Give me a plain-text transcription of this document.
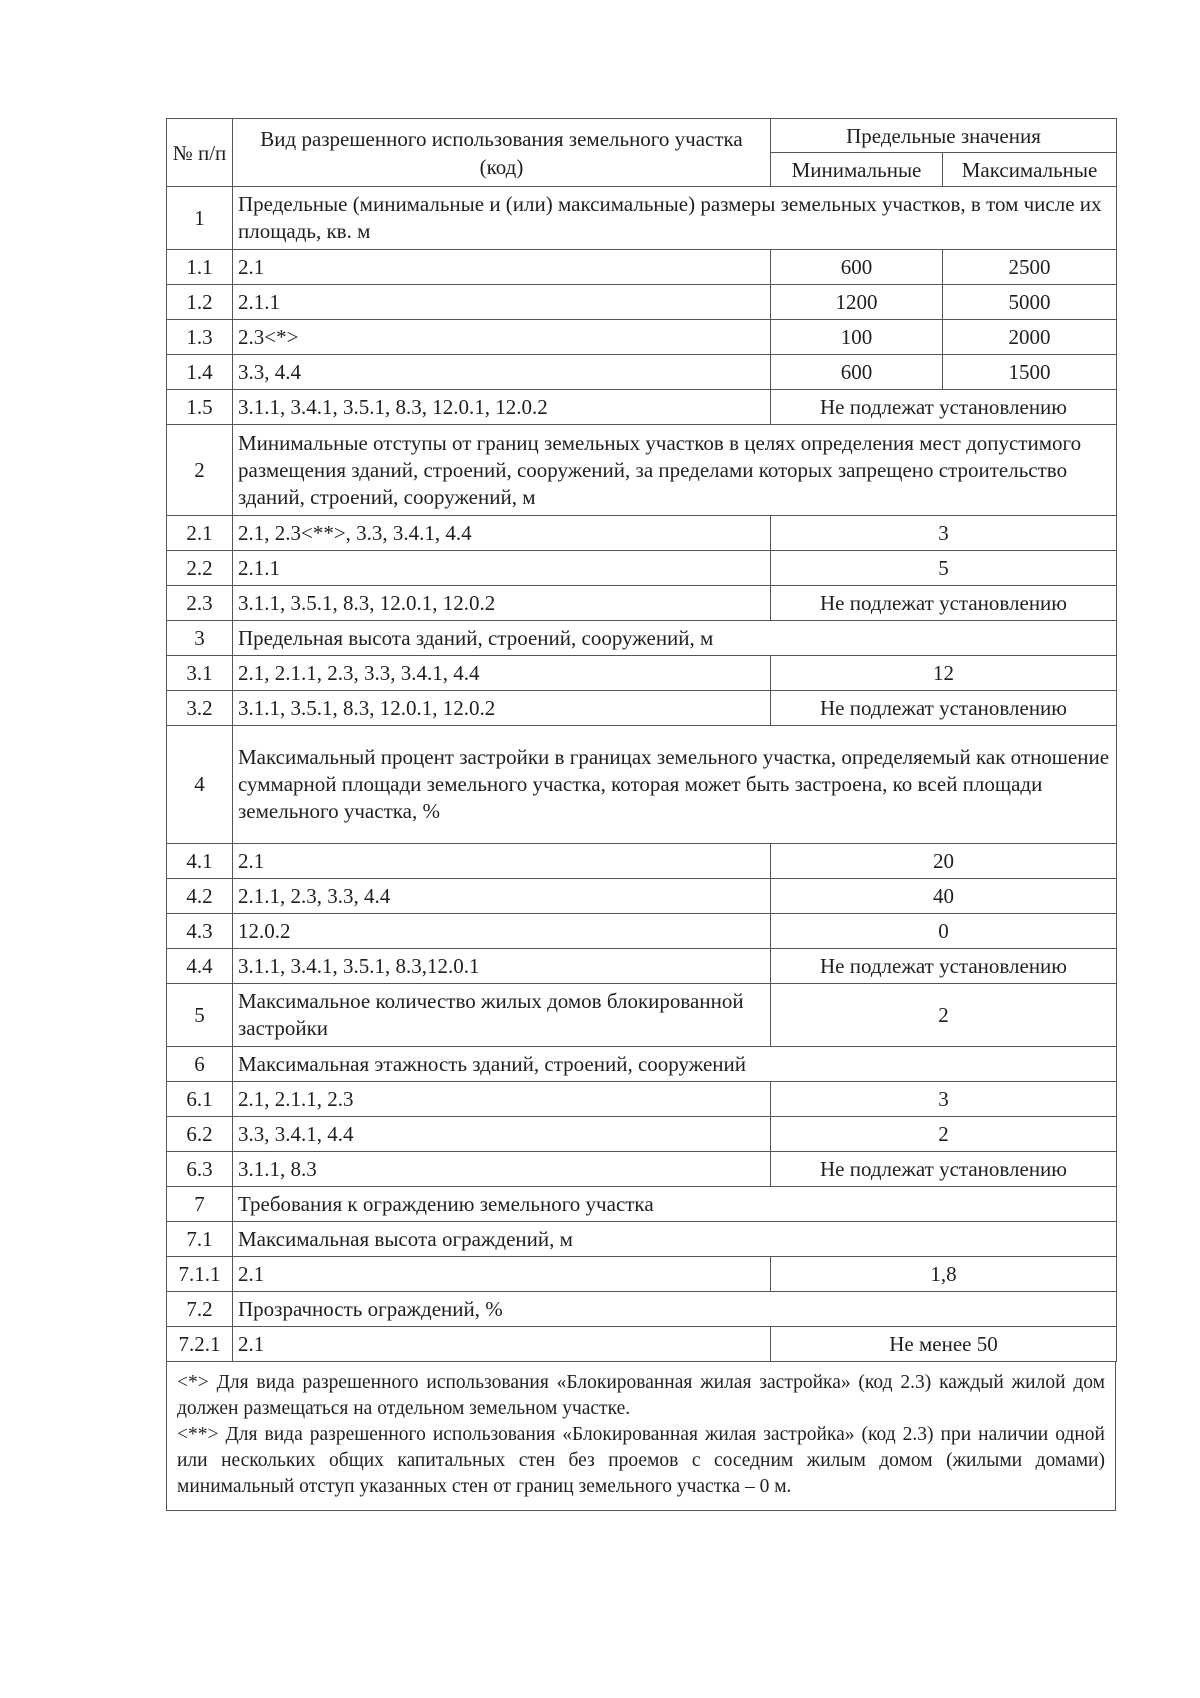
№ п/п	Вид разрешенного использования земельного участка (код)	Предельные значения	
		Минимальные	Максимальные
1	Предельные (минимальные и (или) максимальные) размеры земельных участков, в том числе их площадь, кв. м		
1.1	2.1	600	2500
1.2	2.1.1	1200	5000
1.3	2.3<*>	100	2000
1.4	3.3, 4.4	600	1500
1.5	3.1.1, 3.4.1, 3.5.1, 8.3, 12.0.1, 12.0.2	Не подлежат установлению	
2	Минимальные отступы от границ земельных участков в целях определения мест допустимого размещения зданий, строений, сооружений, за пределами которых запрещено строительство зданий, строений, сооружений, м		
2.1	2.1, 2.3<**>, 3.3, 3.4.1, 4.4	3	
2.2	2.1.1	5	
2.3	3.1.1, 3.5.1, 8.3, 12.0.1, 12.0.2	Не подлежат установлению	
3	Предельная высота зданий, строений, сооружений, м		
3.1	2.1, 2.1.1, 2.3, 3.3, 3.4.1, 4.4	12	
3.2	3.1.1, 3.5.1, 8.3, 12.0.1, 12.0.2	Не подлежат установлению	
4	Максимальный процент застройки в границах земельного участка, определяемый как отношение суммарной площади земельного участка, которая может быть застроена, ко всей площади земельного участка, %		
4.1	2.1	20	
4.2	2.1.1, 2.3, 3.3, 4.4	40	
4.3	12.0.2	0	
4.4	3.1.1, 3.4.1, 3.5.1, 8.3,12.0.1	Не подлежат установлению	
5	Максимальное количество жилых домов блокированной застройки	2	
6	Максимальная этажность зданий, строений, сооружений		
6.1	2.1, 2.1.1, 2.3	3	
6.2	3.3, 3.4.1, 4.4	2	
6.3	3.1.1, 8.3	Не подлежат установлению	
7	Требования к ограждению земельного участка		
7.1	Максимальная высота ограждений, м		
7.1.1	2.1	1,8	
7.2	Прозрачность ограждений, %		
7.2.1	2.1	Не менее 50	

<*> Для вида разрешенного использования «Блокированная жилая застройка» (код 2.3) каждый жилой дом должен размещаться на отдельном земельном участке.

<**> Для вида разрешенного использования «Блокированная жилая застройка» (код 2.3) при наличии одной или нескольких общих капитальных стен без проемов с соседним жилым домом (жилыми домами) минимальный отступ указанных стен от границ земельного участка – 0 м.
